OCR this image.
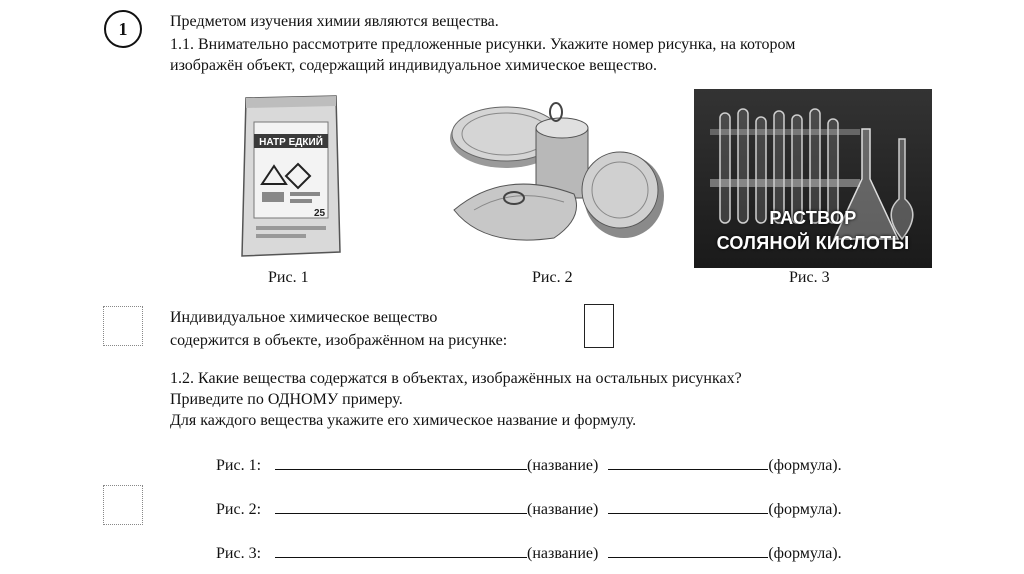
1	Предметом изучения химии являются вещества.
1.1. Внимательно рассмотрите предложенные рисунки. Укажите номер рисунка, на котором
изображён объект, содержащий индивидуальное химическое вещество.
НАТР ЕДКИЙ
25
Рис. 1	Рис. 2
РАСТВОР
СОЛЯНОЙ КИСЛОТЫ
Рис. 3
Индивидуальное химическое вещество
содержится в объекте, изображённом на рисунке:
1.2. Какие вещества содержатся в объектах, изображённых на остальных рисунках?
Приведите по ОДНОМУ примеру.
Для каждого вещества укажите его химическое название и формулу.
Рис. 1:	(название)	(формула).
Рис. 2:	(название)	(формула).
Рис. 3:	(название)	(формула).
